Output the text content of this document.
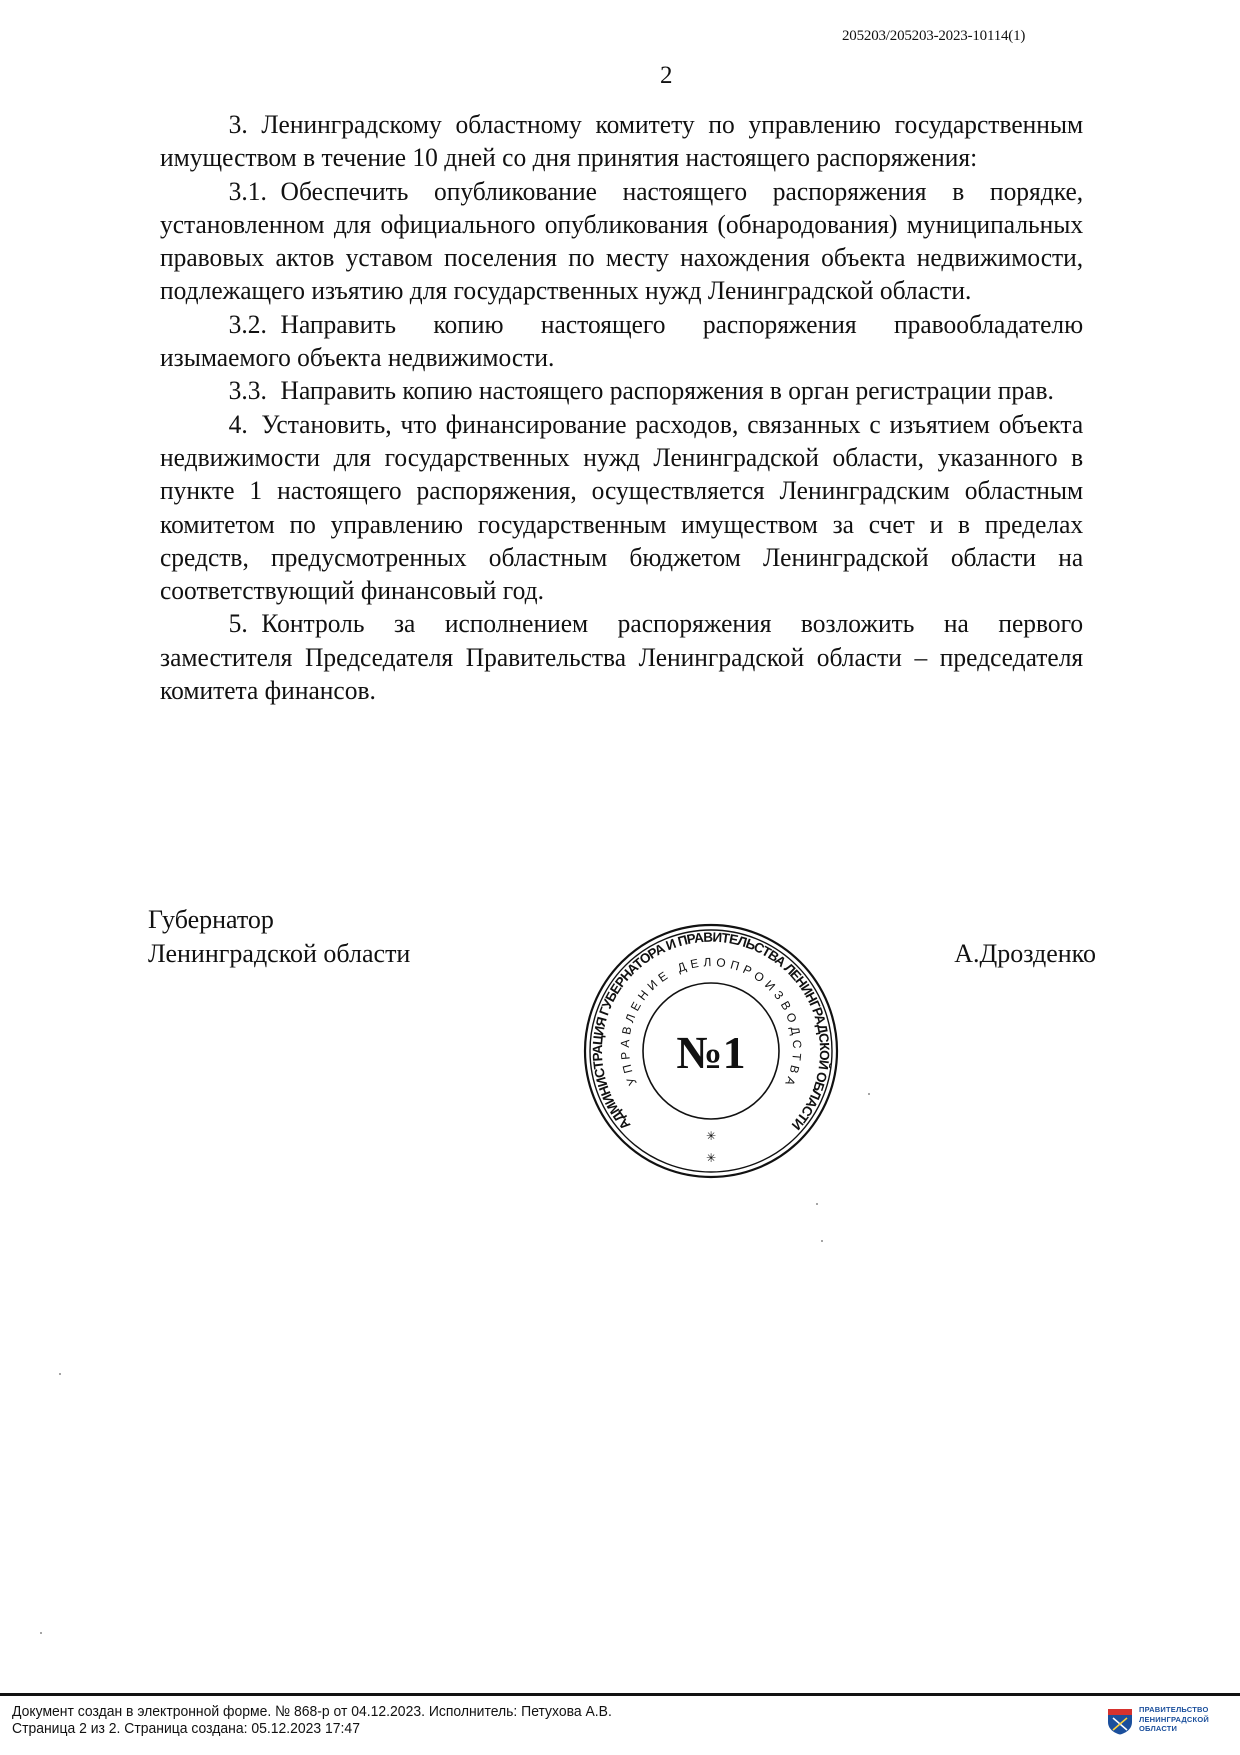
205203/205203-2023-10114(1)
2

3. Ленинградскому областному комитету по управлению государственным имуществом в течение 10 дней со дня принятия настоящего распоряжения:

3.1. Обеспечить опубликование настоящего распоряжения в порядке, установленном для официального опубликования (обнародования) муниципальных правовых актов уставом поселения по месту нахождения объекта недвижимости, подлежащего изъятию для государственных нужд Ленинградской области.

3.2. Направить копию настоящего распоряжения правообладателю изымаемого объекта недвижимости.

3.3. Направить копию настоящего распоряжения в орган регистрации прав.

4. Установить, что финансирование расходов, связанных с изъятием объекта недвижимости для государственных нужд Ленинградской области, указанного в пункте 1 настоящего распоряжения, осуществляется Ленинградским областным комитетом по управлению государственным имуществом за счет и в пределах средств, предусмотренных областным бюджетом Ленинградской области на соответствующий финансовый год.

5. Контроль за исполнением распоряжения возложить на первого заместителя Председателя Правительства Ленинградской области – председателя комитета финансов.

Губернатор
Ленинградской области	А.Дрозденко
АДМИНИСТРАЦИЯ ГУБЕРНАТОРА И ПРАВИТЕЛЬСТВА ЛЕНИНГРАДСКОЙ ОБЛАСТИ
УПРАВЛЕНИЕ ДЕЛОПРОИЗВОДСТВА
№1
✳
✳
Документ создан в электронной форме. № 868-р от 04.12.2023. Исполнитель: Петухова А.В.
Страница 2 из 2. Страница создана: 05.12.2023 17:47
ПРАВИТЕЛЬСТВО
ЛЕНИНГРАДСКОЙ
ОБЛАСТИ
